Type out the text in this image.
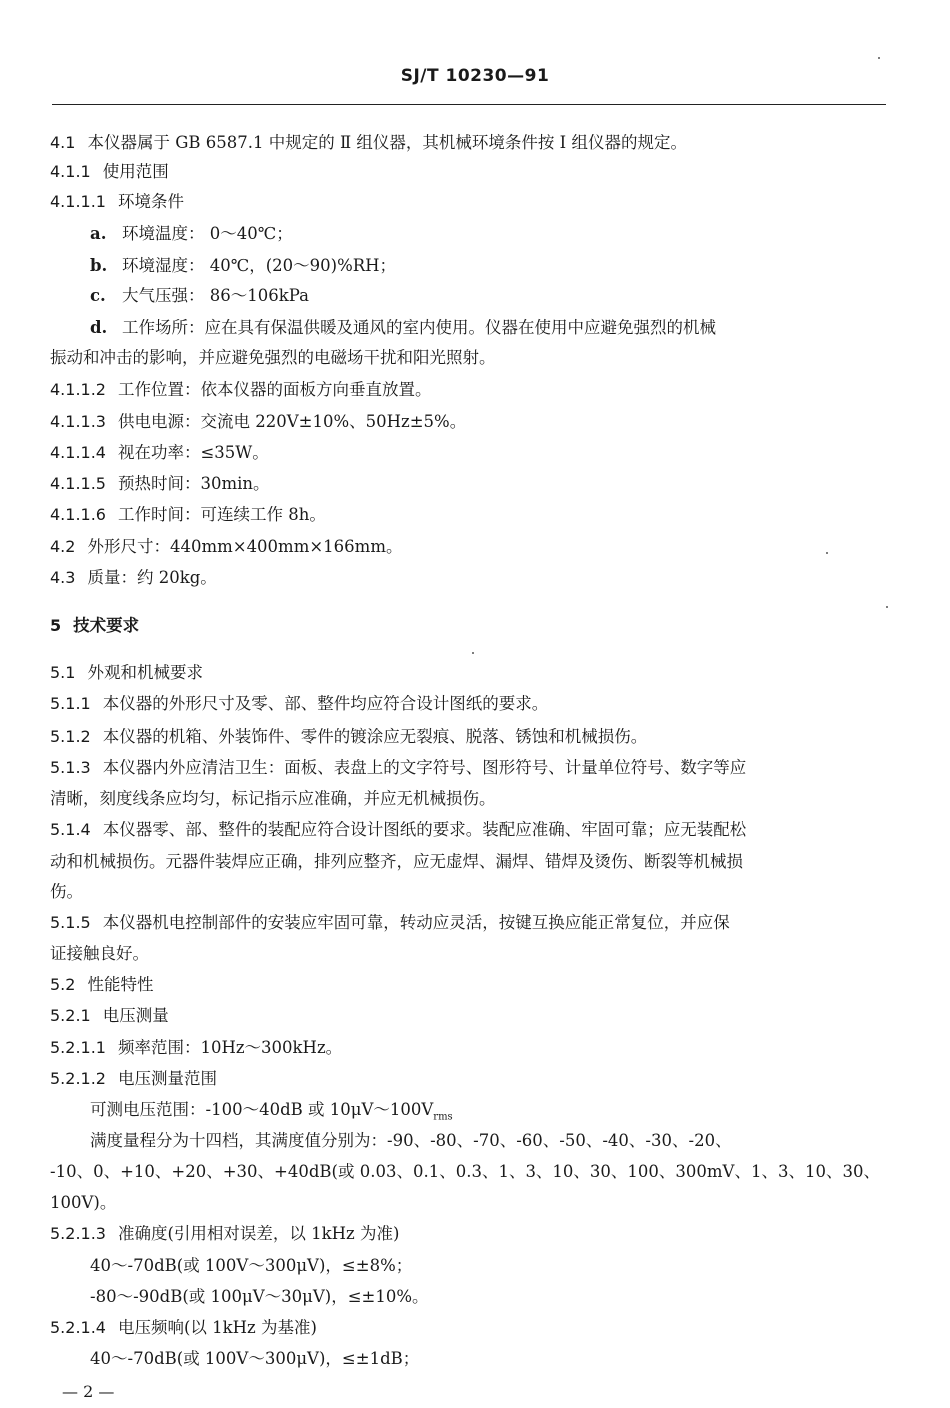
SJ/T 10230—91
4.1 本仪器属于 GB 6587.1 中规定的 Ⅱ 组仪器，其机械环境条件按 Ⅰ 组仪器的规定。
4.1.1 使用范围
4.1.1.1 环境条件
a. 环境温度： 0～40℃；
b. 环境湿度： 40℃，(20～90)%RH；
c. 大气压强： 86～106kPa
d. 工作场所：应在具有保温供暖及通风的室内使用。仪器在使用中应避免强烈的机械
振动和冲击的影响，并应避免强烈的电磁场干扰和阳光照射。
4.1.1.2 工作位置：依本仪器的面板方向垂直放置。
4.1.1.3 供电电源：交流电 220V±10%、50Hz±5%。
4.1.1.4 视在功率：≤35W。
4.1.1.5 预热时间：30min。
4.1.1.6 工作时间：可连续工作 8h。
4.2 外形尺寸：440mm×400mm×166mm。
4.3 质量：约 20kg。
5 技术要求
5.1 外观和机械要求
5.1.1 本仪器的外形尺寸及零、部、整件均应符合设计图纸的要求。
5.1.2 本仪器的机箱、外装饰件、零件的镀涂应无裂痕、脱落、锈蚀和机械损伤。
5.1.3 本仪器内外应清洁卫生：面板、表盘上的文字符号、图形符号、计量单位符号、数字等应
清晰，刻度线条应均匀，标记指示应准确，并应无机械损伤。
5.1.4 本仪器零、部、整件的装配应符合设计图纸的要求。装配应准确、牢固可靠；应无装配松
动和机械损伤。元器件装焊应正确，排列应整齐，应无虚焊、漏焊、错焊及烫伤、断裂等机械损
伤。
5.1.5 本仪器机电控制部件的安装应牢固可靠，转动应灵活，按键互换应能正常复位，并应保
证接触良好。
5.2 性能特性
5.2.1 电压测量
5.2.1.1 频率范围：10Hz～300kHz。
5.2.1.2 电压测量范围
可测电压范围：-100～40dB 或 $10\mu V\sim 100V_{rms}$
满度量程分为十四档，其满度值分别为：-90、-80、-70、-60、-50、-40、-30、-20、
-10、0、+10、+20、+30、+40dB(或 0.03、0.1、0.3、1、3、10、30、100、300mV、1、3、10、30、
100V)。
5.2.1.3 准确度(引用相对误差，以 1kHz 为准)
40～-70dB(或 100V～300μV)，≤±8%；
-80～-90dB(或 100μV～30μV)，≤±10%。
5.2.1.4 电压频响(以 1kHz 为基准)
40～-70dB(或 100V～300μV)，≤±1dB；
— 2 —
